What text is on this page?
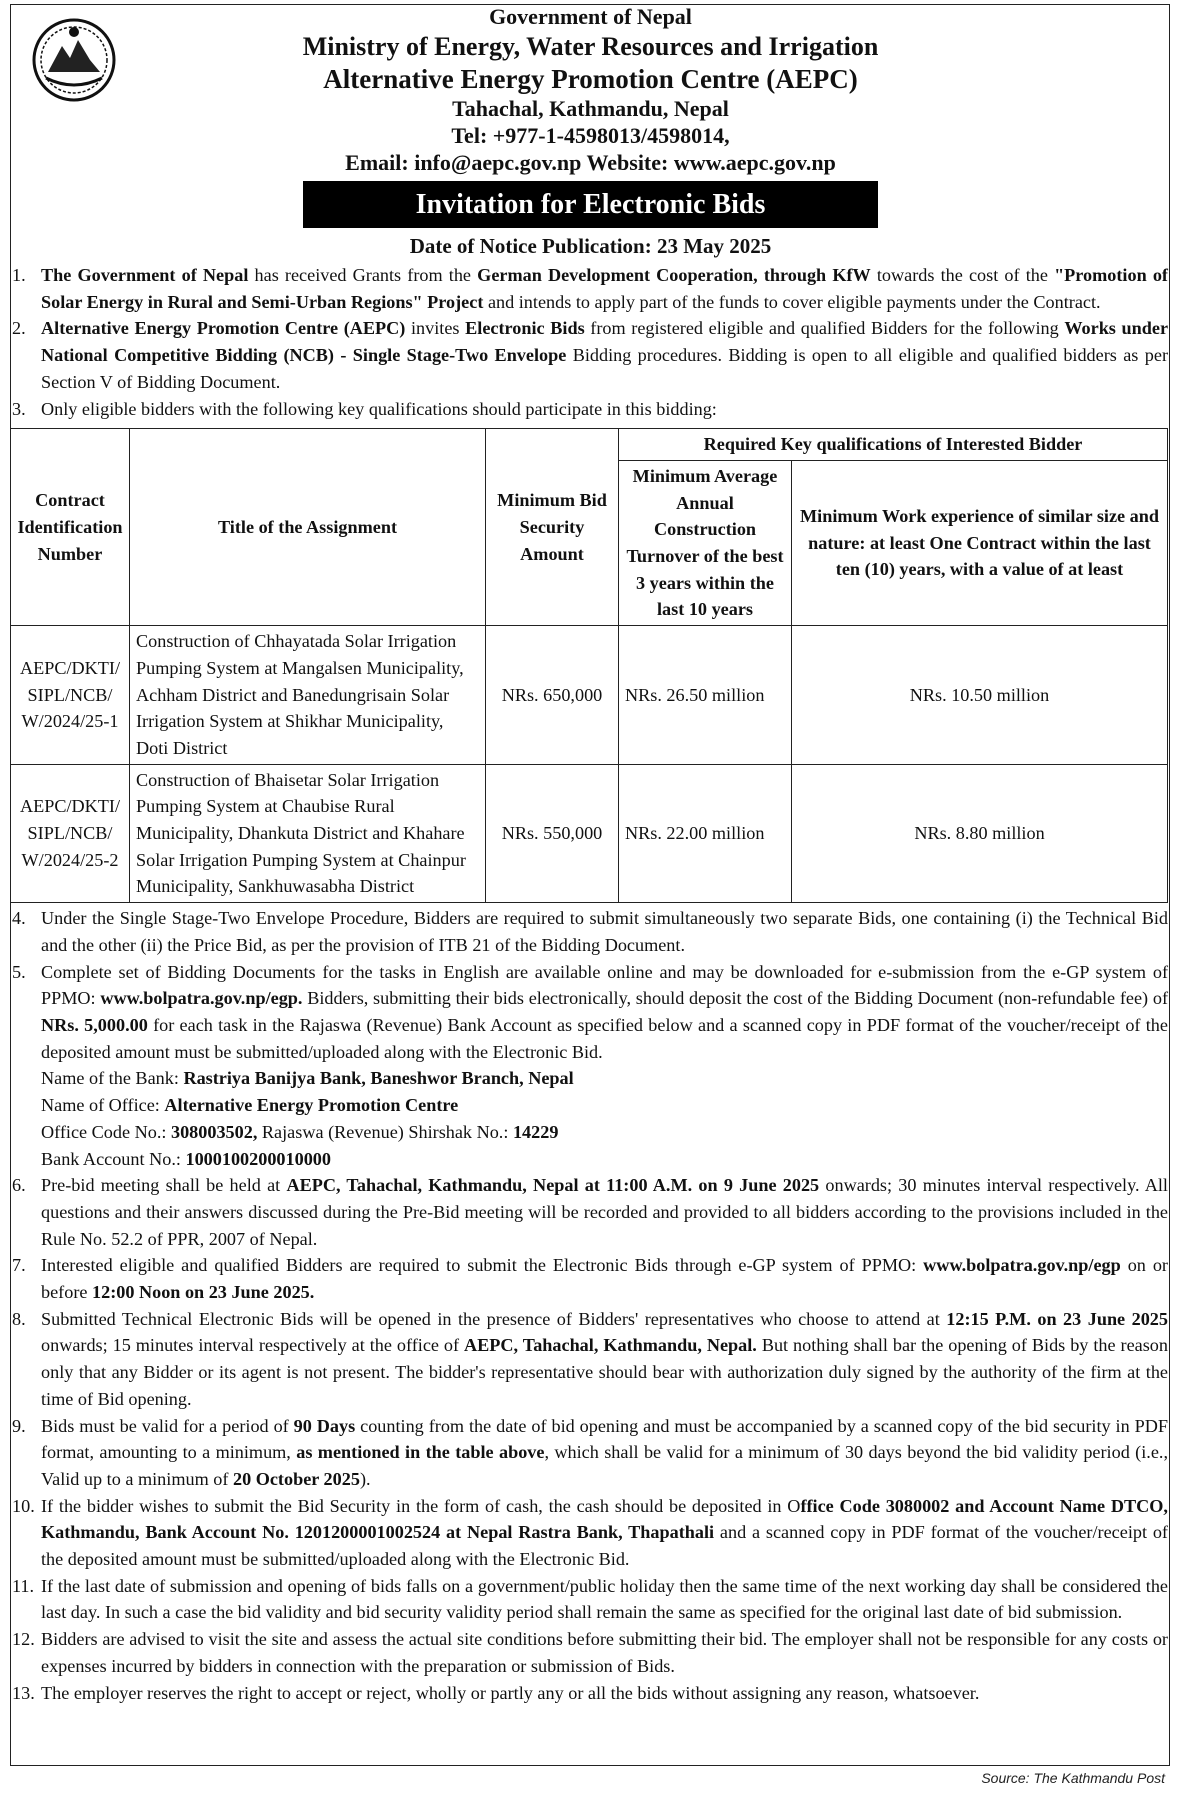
Government of Nepal
Ministry of Energy, Water Resources and Irrigation
Alternative Energy Promotion Centre (AEPC)
Tahachal, Kathmandu, Nepal
Tel: +977-1-4598013/4598014,
Email: info@aepc.gov.np Website: www.aepc.gov.np
Invitation for Electronic Bids
Date of Notice Publication: 23 May 2025
1. The Government of Nepal has received Grants from the German Development Cooperation, through KfW towards the cost of the "Promotion of Solar Energy in Rural and Semi-Urban Regions" Project and intends to apply part of the funds to cover eligible payments under the Contract.
2. Alternative Energy Promotion Centre (AEPC) invites Electronic Bids from registered eligible and qualified Bidders for the following Works under National Competitive Bidding (NCB) - Single Stage-Two Envelope Bidding procedures. Bidding is open to all eligible and qualified bidders as per Section V of Bidding Document.
3. Only eligible bidders with the following key qualifications should participate in this bidding:
Contract Identification Number	Title of the Assignment	Minimum Bid Security Amount	Required Key qualifications of Interested Bidder	
			Minimum Average Annual Construction Turnover of the best 3 years within the last 10 years	Minimum Work experience of similar size and nature: at least One Contract within the last ten (10) years, with a value of at least
AEPC/DKTI/ SIPL/NCB/ W/2024/25-1	Construction of Chhayatada Solar Irrigation Pumping System at Mangalsen Municipality, Achham District and Banedungrisain Solar Irrigation System at Shikhar Municipality, Doti District	NRs. 650,000	NRs. 26.50 million	NRs. 10.50 million
AEPC/DKTI/ SIPL/NCB/ W/2024/25-2	Construction of Bhaisetar Solar Irrigation Pumping System at Chaubise Rural Municipality, Dhankuta District and Khahare Solar Irrigation Pumping System at Chainpur Municipality, Sankhuwasabha District	NRs. 550,000	NRs. 22.00 million	NRs. 8.80 million
4. Under the Single Stage-Two Envelope Procedure, Bidders are required to submit simultaneously two separate Bids, one containing (i) the Technical Bid and the other (ii) the Price Bid, as per the provision of ITB 21 of the Bidding Document.
5. Complete set of Bidding Documents for the tasks in English are available online and may be downloaded for e-submission from the e-GP system of PPMO: www.bolpatra.gov.np/egp. Bidders, submitting their bids electronically, should deposit the cost of the Bidding Document (non-refundable fee) of NRs. 5,000.00 for each task in the Rajaswa (Revenue) Bank Account as specified below and a scanned copy in PDF format of the voucher/receipt of the deposited amount must be submitted/uploaded along with the Electronic Bid.

Name of the Bank: Rastriya Banijya Bank, Baneshwor Branch, Nepal

Name of Office: Alternative Energy Promotion Centre

Office Code No.: 308003502, Rajaswa (Revenue) Shirshak No.: 14229

Bank Account No.: 1000100200010000

6. Pre-bid meeting shall be held at AEPC, Tahachal, Kathmandu, Nepal at 11:00 A.M. on 9 June 2025 onwards; 30 minutes interval respectively. All questions and their answers discussed during the Pre-Bid meeting will be recorded and provided to all bidders according to the provisions included in the Rule No. 52.2 of PPR, 2007 of Nepal.
7. Interested eligible and qualified Bidders are required to submit the Electronic Bids through e-GP system of PPMO: www.bolpatra.gov.np/egp on or before 12:00 Noon on 23 June 2025.
8. Submitted Technical Electronic Bids will be opened in the presence of Bidders' representatives who choose to attend at 12:15 P.M. on 23 June 2025 onwards; 15 minutes interval respectively at the office of AEPC, Tahachal, Kathmandu, Nepal. But nothing shall bar the opening of Bids by the reason only that any Bidder or its agent is not present. The bidder's representative should bear with authorization duly signed by the authority of the firm at the time of Bid opening.
9. Bids must be valid for a period of 90 Days counting from the date of bid opening and must be accompanied by a scanned copy of the bid security in PDF format, amounting to a minimum, as mentioned in the table above, which shall be valid for a minimum of 30 days beyond the bid validity period (i.e., Valid up to a minimum of 20 October 2025).
10. If the bidder wishes to submit the Bid Security in the form of cash, the cash should be deposited in Office Code 3080002 and Account Name DTCO, Kathmandu, Bank Account No. 1201200001002524 at Nepal Rastra Bank, Thapathali and a scanned copy in PDF format of the voucher/receipt of the deposited amount must be submitted/uploaded along with the Electronic Bid.
11. If the last date of submission and opening of bids falls on a government/public holiday then the same time of the next working day shall be considered the last day. In such a case the bid validity and bid security validity period shall remain the same as specified for the original last date of bid submission.
12. Bidders are advised to visit the site and assess the actual site conditions before submitting their bid. The employer shall not be responsible for any costs or expenses incurred by bidders in connection with the preparation or submission of Bids.
13. The employer reserves the right to accept or reject, wholly or partly any or all the bids without assigning any reason, whatsoever.
Source: The Kathmandu Post
